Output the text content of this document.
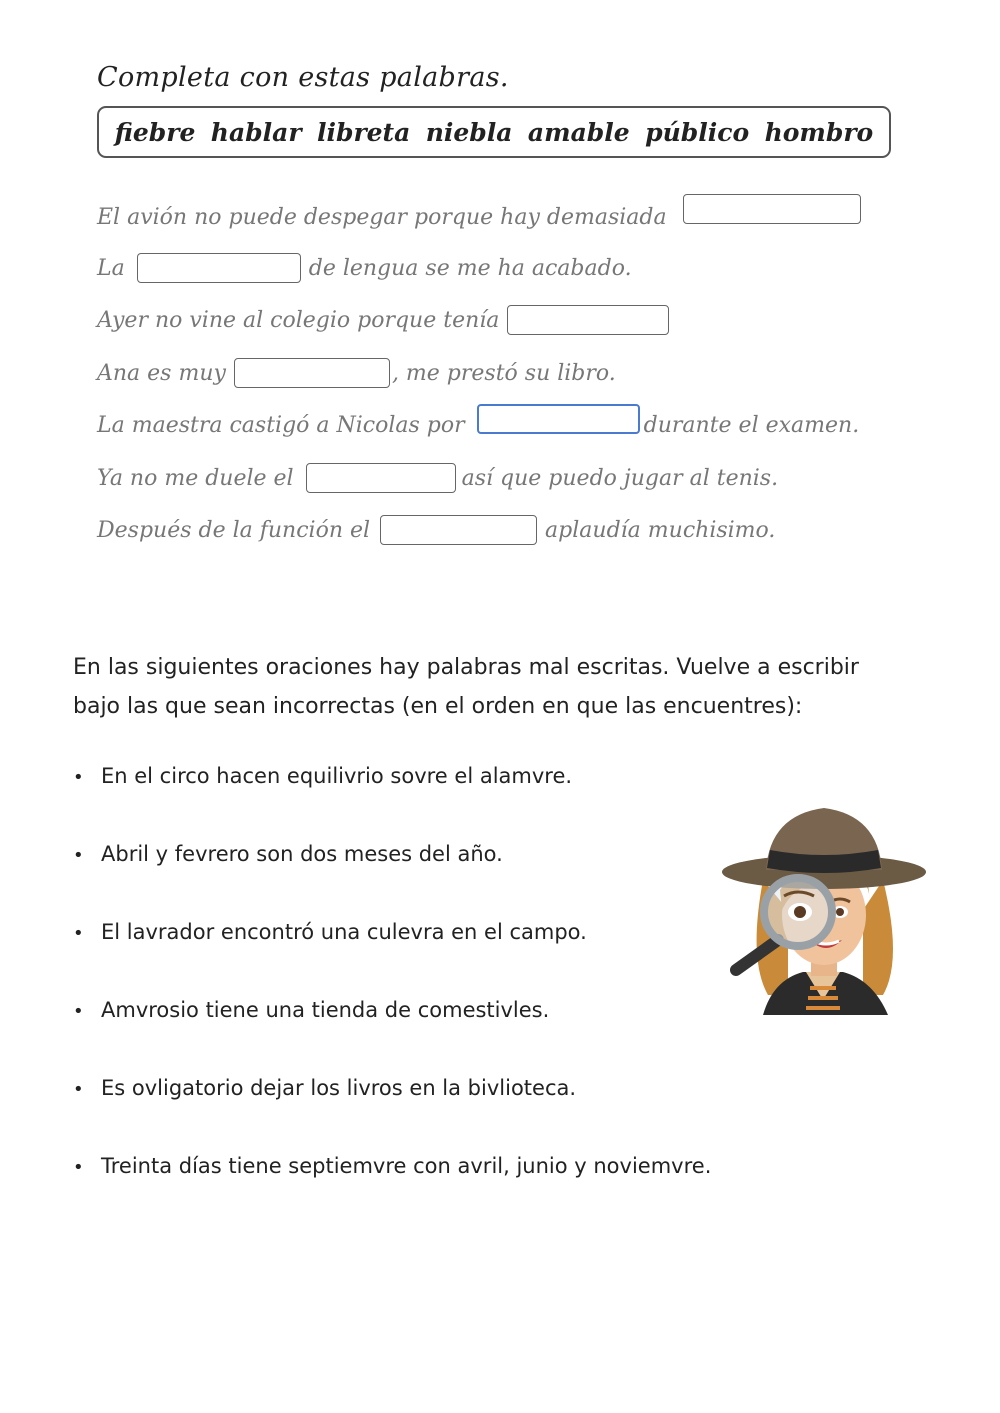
Completa con estas palabras.
fiebre hablar libreta niebla amable público hombro
El avión no puede despegar porque hay demasiada
La	de lengua se me ha acabado.
Ayer no vine al colegio porque tenía
Ana es muy	, me prestó su libro.
La maestra castigó a Nicolas por	durante el examen.
Ya no me duele el	así que puedo jugar al tenis.
Después de la función el	aplaudía muchisimo.
En las siguientes oraciones hay palabras mal escritas. Vuelve a escribir bajo las que sean incorrectas (en el orden en que las encuentres):
• En el circo hacen equilivrio sovre el alamvre.
• Abril y fevrero son dos meses del año.
• El lavrador encontró una culevra en el campo.
• Amvrosio tiene una tienda de comestivles.
• Es ovligatorio dejar los livros en la bivlioteca.
• Treinta días tiene septiemvre con avril, junio y noviemvre.
